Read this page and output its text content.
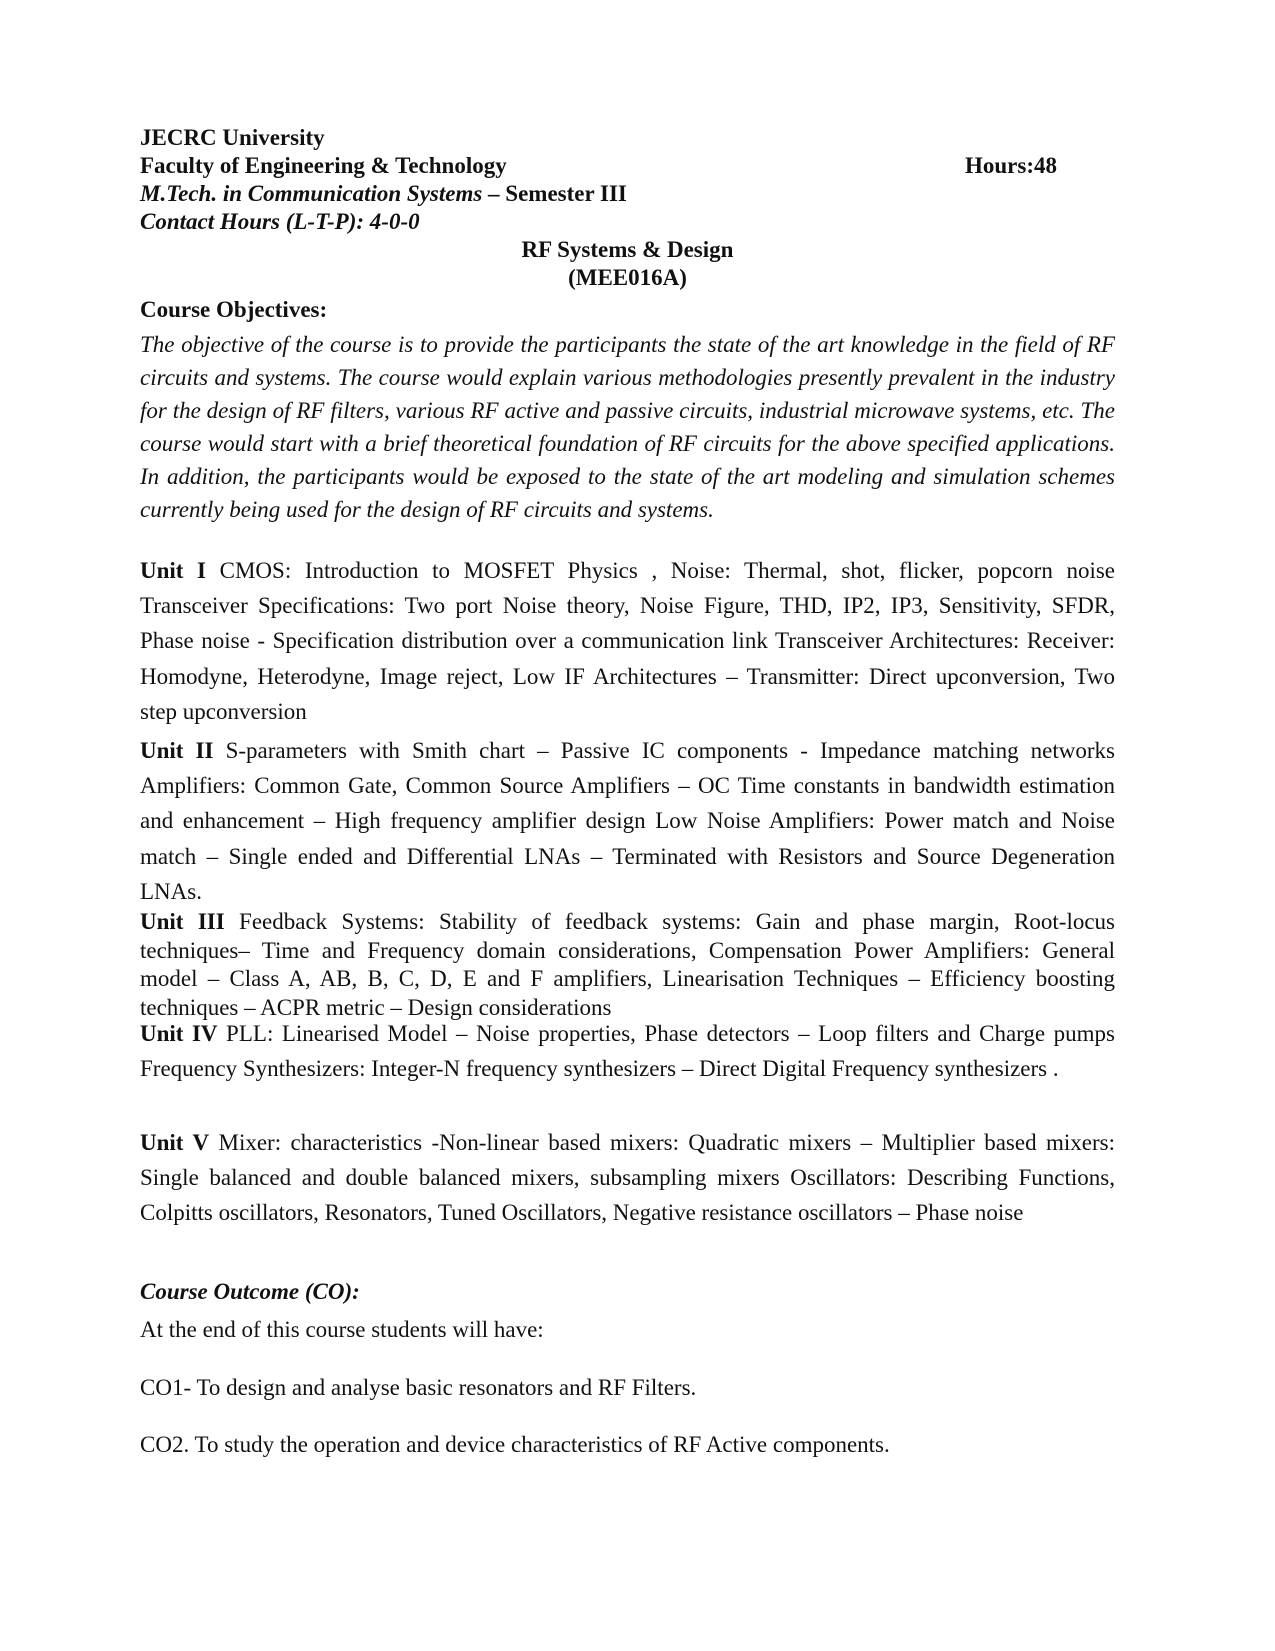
JECRC University
Faculty of Engineering & Technology	Hours:48
M.Tech. in Communication Systems – Semester III
Contact Hours (L-T-P): 4-0-0
RF Systems & Design
(MEE016A)
Course Objectives:

The objective of the course is to provide the participants the state of the art knowledge in the field of RF circuits and systems. The course would explain various methodologies presently prevalent in the industry for the design of RF filters, various RF active and passive circuits, industrial microwave systems, etc. The course would start with a brief theoretical foundation of RF circuits for the above specified applications. In addition, the participants would be exposed to the state of the art modeling and simulation schemes currently being used for the design of RF circuits and systems.

Unit I CMOS: Introduction to MOSFET Physics , Noise: Thermal, shot, flicker, popcorn noise Transceiver Specifications: Two port Noise theory, Noise Figure, THD, IP2, IP3, Sensitivity, SFDR, Phase noise - Specification distribution over a communication link Transceiver Architectures: Receiver: Homodyne, Heterodyne, Image reject, Low IF Architectures – Transmitter: Direct upconversion, Two step upconversion

Unit II S-parameters with Smith chart – Passive IC components - Impedance matching networks Amplifiers: Common Gate, Common Source Amplifiers – OC Time constants in bandwidth estimation and enhancement – High frequency amplifier design Low Noise Amplifiers: Power match and Noise match – Single ended and Differential LNAs – Terminated with Resistors and Source Degeneration LNAs.

Unit III Feedback Systems: Stability of feedback systems: Gain and phase margin, Root-locus techniques– Time and Frequency domain considerations, Compensation Power Amplifiers: General model – Class A, AB, B, C, D, E and F amplifiers, Linearisation Techniques – Efficiency boosting techniques – ACPR metric – Design considerations

Unit IV PLL: Linearised Model – Noise properties, Phase detectors – Loop filters and Charge pumps Frequency Synthesizers: Integer-N frequency synthesizers – Direct Digital Frequency synthesizers .

Unit V Mixer: characteristics -Non-linear based mixers: Quadratic mixers – Multiplier based mixers: Single balanced and double balanced mixers, subsampling mixers Oscillators: Describing Functions, Colpitts oscillators, Resonators, Tuned Oscillators, Negative resistance oscillators – Phase noise

Course Outcome (CO):
At the end of this course students will have:
CO1- To design and analyse basic resonators and RF Filters.
CO2. To study the operation and device characteristics of RF Active components.
